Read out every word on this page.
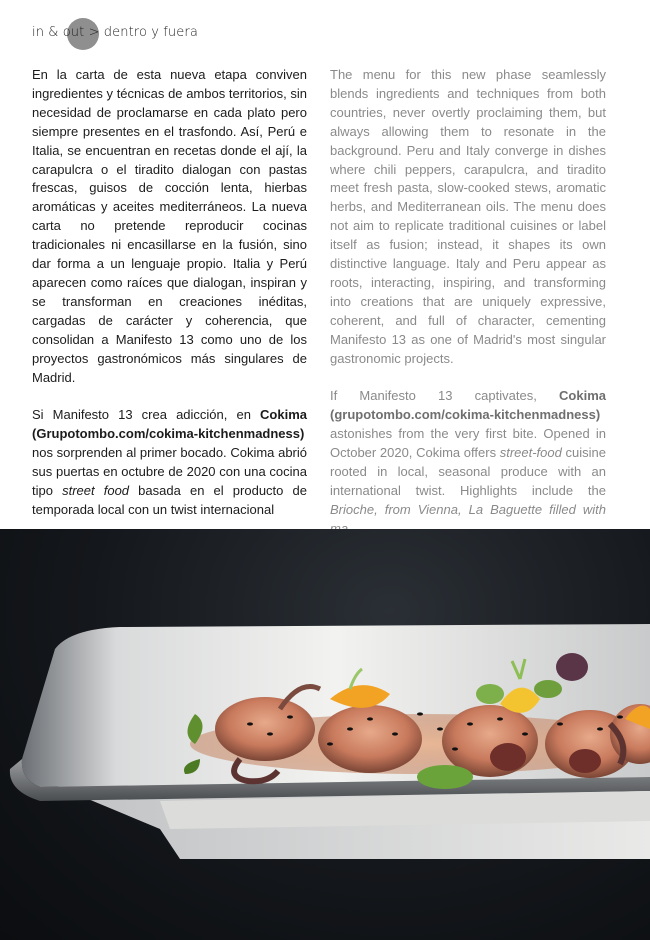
in & out > dentro y fuera

En la carta de esta nueva etapa conviven ingredientes y técnicas de ambos territorios, sin necesidad de proclamarse en cada plato pero siempre presentes en el trasfondo. Así, Perú e Italia, se encuentran en recetas donde el ají, la carapulcra o el tiradito dialogan con pastas frescas, guisos de cocción lenta, hierbas aromáticas y aceites mediterráneos. La nueva carta no pretende reproducir cocinas tradicionales ni encasillarse en la fusión, sino dar forma a un lenguaje propio. Italia y Perú aparecen como raíces que dialogan, inspiran y se transforman en creaciones inéditas, cargadas de carácter y coherencia, que consolidan a Manifesto 13 como uno de los proyectos gastronómicos más singulares de Madrid.

Si Manifesto 13 crea adicción, en Cokima (Grupotombo.com/cokima-kitchenmadness) nos sorprenden al primer bocado. Cokima abrió sus puertas en octubre de 2020 con una cocina tipo street food basada en el producto de temporada local con un twist internacional

The menu for this new phase seamlessly blends ingredients and techniques from both countries, never overtly proclaiming them, but always allowing them to resonate in the background. Peru and Italy converge in dishes where chili peppers, carapulcra, and tiradito meet fresh pasta, slow-cooked stews, aromatic herbs, and Mediterranean oils. The menu does not aim to replicate traditional cuisines or label itself as fusion; instead, it shapes its own distinctive language. Italy and Peru appear as roots, interacting, inspiring, and transforming into creations that are uniquely expressive, coherent, and full of character, cementing Manifesto 13 as one of Madrid's most singular gastronomic projects.

If Manifesto 13 captivates, Cokima (grupotombo.com/cokima-kitchenmadness) astonishes from the very first bite. Opened in October 2020, Cokima offers street-food cuisine rooted in local, seasonal produce with an international twist. Highlights include the Brioche, from Vienna, La Baguette filled with
